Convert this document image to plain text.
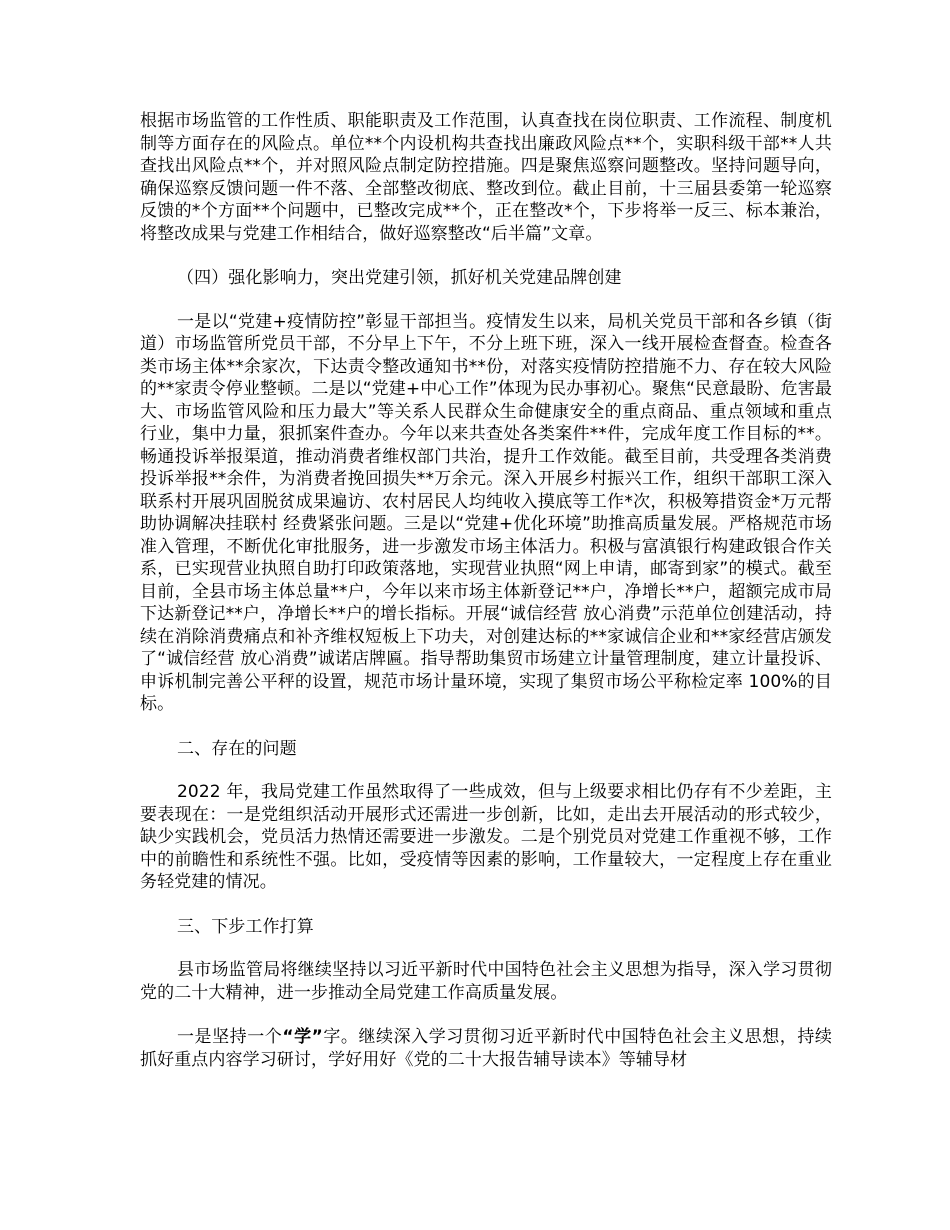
根据市场监管的工作性质、职能职责及工作范围，认真查找在岗位职责、工作流程、制度机制等方面存在的风险点。单位**个内设机构共查找出廉政风险点**个，实职科级干部**人共查找出风险点**个，并对照风险点制定防控措施。四是聚焦巡察问题整改。坚持问题导向，确保巡察反馈问题一件不落、全部整改彻底、整改到位。截止目前，十三届县委第一轮巡察反馈的*个方面**个问题中，已整改完成**个，正在整改*个，下步将举一反三、标本兼治，将整改成果与党建工作相结合，做好巡察整改“后半篇”文章。

（四）强化影响力，突出党建引领，抓好机关党建品牌创建

一是以“党建+疫情防控”彰显干部担当。疫情发生以来，局机关党员干部和各乡镇（街道）市场监管所党员干部，不分早上下午，不分上班下班，深入一线开展检查督查。检查各类市场主体**余家次，下达责令整改通知书**份，对落实疫情防控措施不力、存在较大风险的**家责令停业整顿。二是以“党建+中心工作”体现为民办事初心。聚焦“民意最盼、危害最大、市场监管风险和压力最大”等关系人民群众生命健康安全的重点商品、重点领域和重点行业，集中力量，狠抓案件查办。今年以来共查处各类案件**件，完成年度工作目标的**。畅通投诉举报渠道，推动消费者维权部门共治，提升工作效能。截至目前，共受理各类消费投诉举报**余件，为消费者挽回损失**万余元。深入开展乡村振兴工作，组织干部职工深入联系村开展巩固脱贫成果遍访、农村居民人均纯收入摸底等工作*次，积极筹措资金*万元帮助协调解决挂联村 经费紧张问题。三是以“党建+优化环境”助推高质量发展。严格规范市场准入管理，不断优化审批服务，进一步激发市场主体活力。积极与富滇银行构建政银合作关系，已实现营业执照自助打印政策落地，实现营业执照“网上申请，邮寄到家”的模式。截至目前，全县市场主体总量**户，今年以来市场主体新登记**户，净增长**户，超额完成市局下达新登记**户，净增长**户的增长指标。开展“诚信经营 放心消费”示范单位创建活动，持续在消除消费痛点和补齐维权短板上下功夫，对创建达标的**家诚信企业和**家经营店颁发了“诚信经营 放心消费”诚诺店牌匾。指导帮助集贸市场建立计量管理制度，建立计量投诉、申诉机制完善公平秤的设置，规范市场计量环境，实现了集贸市场公平称检定率 100%的目标。

二、存在的问题

2022 年，我局党建工作虽然取得了一些成效，但与上级要求相比仍存有不少差距，主要表现在：一是党组织活动开展形式还需进一步创新，比如，走出去开展活动的形式较少，缺少实践机会，党员活力热情还需要进一步激发。二是个别党员对党建工作重视不够，工作中的前瞻性和系统性不强。比如，受疫情等因素的影响，工作量较大，一定程度上存在重业务轻党建的情况。

三、下步工作打算

县市场监管局将继续坚持以习近平新时代中国特色社会主义思想为指导，深入学习贯彻党的二十大精神，进一步推动全局党建工作高质量发展。

一是坚持一个“学”字。继续深入学习贯彻习近平新时代中国特色社会主义思想，持续抓好重点内容学习研讨，学好用好《党的二十大报告辅导读本》等辅导材
